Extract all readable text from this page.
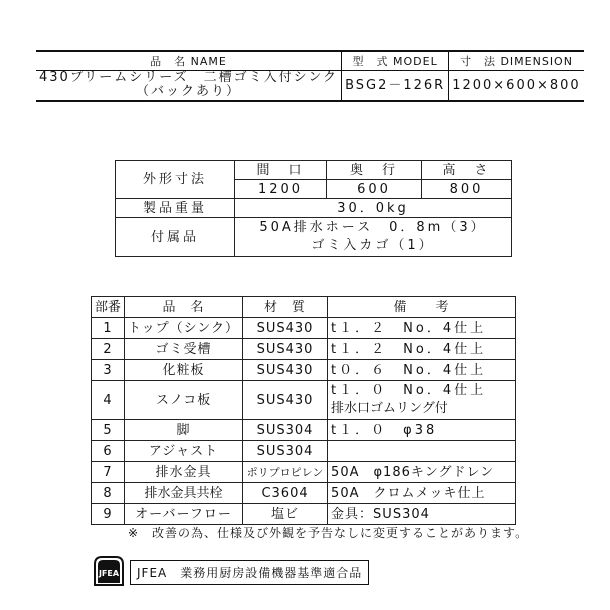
品　名 NAME	型　式 MODEL	寸　法 DIMENSION

430プリームシリーズ　二槽ゴミ入付シンク
（バックあり）	BSG2－126R	1200×600×800
外形寸法	間　口	奥　行	高　さ
	1200	600	800
製品重量	30．0kg		
付属品	50A排水ホース　0．8m（3）
ゴミ入カゴ（1）		
部番	品　名	材　質	備　　考
1	トップ（シンク）	SUS430	t１．２　No．4仕上
2	ゴミ受槽	SUS430	t１．２　No．4仕上
3	化粧板	SUS430	t０．６　No．4仕上
4	スノコ板	SUS430	t１．０　No．4仕上
排水口ゴムリング付

5	脚	SUS304	t１．０　φ38
6	アジャスト	SUS304	
7	排水金具	ポリプロピレン	50A　φ186キングドレン
8	排水金具共栓	C3604	50A　クロムメッキ仕上
9	オーバーフロー	塩ビ	金具：SUS304
※　改善の為、仕様及び外観を予告なしに変更することがあります。
JFEA	JFEA　業務用厨房設備機器基準適合品
